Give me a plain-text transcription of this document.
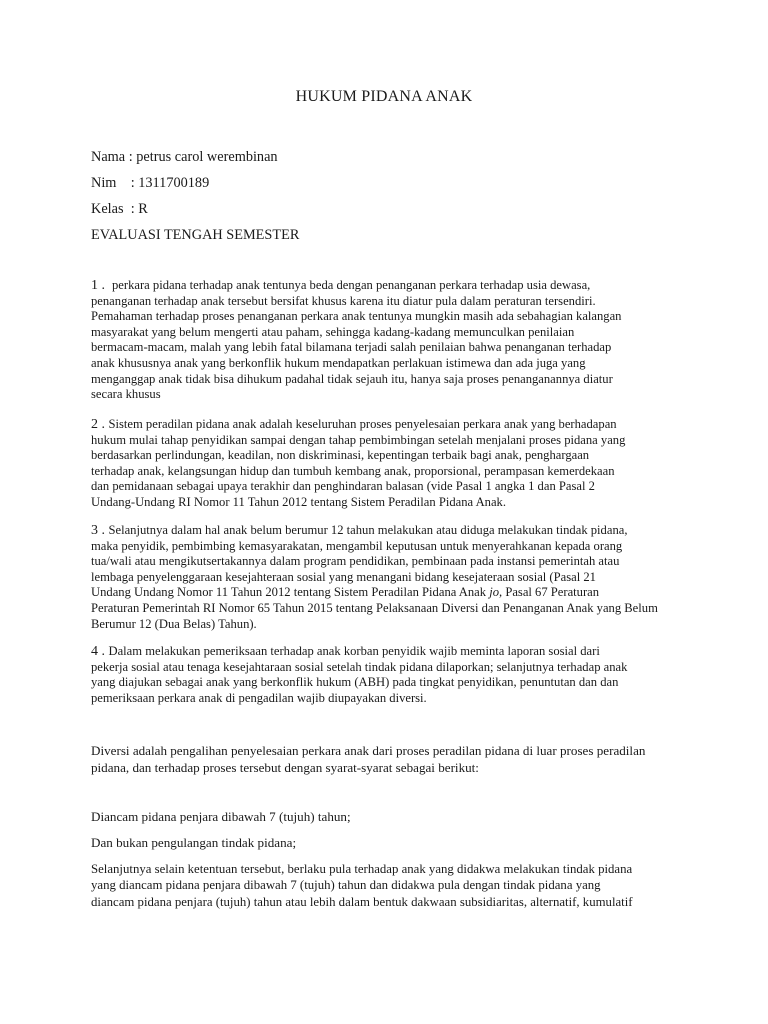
HUKUM PIDANA ANAK
Nama : petrus carol werembinan
Nim    : 1311700189
Kelas  : R
EVALUASI TENGAH SEMESTER
1 .  perkara pidana terhadap anak tentunya beda dengan penanganan perkara terhadap usia dewasa,
penanganan terhadap anak tersebut bersifat khusus karena itu diatur pula dalam peraturan tersendiri.
Pemahaman terhadap proses penanganan perkara anak tentunya mungkin masih ada sebahagian kalangan
masyarakat yang belum mengerti atau paham, sehingga kadang-kadang memunculkan penilaian
bermacam-macam, malah yang lebih fatal bilamana terjadi salah penilaian bahwa penanganan terhadap
anak khususnya anak yang berkonflik hukum mendapatkan perlakuan istimewa dan ada juga yang
menganggap anak tidak bisa dihukum padahal tidak sejauh itu, hanya saja proses penanganannya diatur
secara khusus
2 . Sistem peradilan pidana anak adalah keseluruhan proses penyelesaian perkara anak yang berhadapan
hukum mulai tahap penyidikan sampai dengan tahap pembimbingan setelah menjalani proses pidana yang
berdasarkan perlindungan, keadilan, non diskriminasi, kepentingan terbaik bagi anak, penghargaan
terhadap anak, kelangsungan hidup dan tumbuh kembang anak, proporsional, perampasan kemerdekaan
dan pemidanaan sebagai upaya terakhir dan penghindaran balasan (vide Pasal 1 angka 1 dan Pasal 2
Undang-Undang RI Nomor 11 Tahun 2012 tentang Sistem Peradilan Pidana Anak.
3 . Selanjutnya dalam hal anak belum berumur 12 tahun melakukan atau diduga melakukan tindak pidana,
maka penyidik, pembimbing kemasyarakatan, mengambil keputusan untuk menyerahkanan kepada orang
tua/wali atau mengikutsertakannya dalam program pendidikan, pembinaan pada instansi pemerintah atau
lembaga penyelenggaraan kesejahteraan sosial yang menangani bidang kesejateraan sosial (Pasal 21
Undang Undang Nomor 11 Tahun 2012 tentang Sistem Peradilan Pidana Anak jo, Pasal 67 Peraturan
Peraturan Pemerintah RI Nomor 65 Tahun 2015 tentang Pelaksanaan Diversi dan Penanganan Anak yang Belum
Berumur 12 (Dua Belas) Tahun).
4 . Dalam melakukan pemeriksaan terhadap anak korban penyidik wajib meminta laporan sosial dari
pekerja sosial atau tenaga kesejahtaraan sosial setelah tindak pidana dilaporkan; selanjutnya terhadap anak
yang diajukan sebagai anak yang berkonflik hukum (ABH) pada tingkat penyidikan, penuntutan dan dan
pemeriksaan perkara anak di pengadilan wajib diupayakan diversi.
Diversi adalah pengalihan penyelesaian perkara anak dari proses peradilan pidana di luar proses peradilan
pidana, dan terhadap proses tersebut dengan syarat-syarat sebagai berikut:
Diancam pidana penjara dibawah 7 (tujuh) tahun;
Dan bukan pengulangan tindak pidana;
Selanjutnya selain ketentuan tersebut, berlaku pula terhadap anak yang didakwa melakukan tindak pidana
yang diancam pidana penjara dibawah 7 (tujuh) tahun dan didakwa pula dengan tindak pidana yang
diancam pidana penjara (tujuh) tahun atau lebih dalam bentuk dakwaan subsidiaritas, alternatif, kumulatif
